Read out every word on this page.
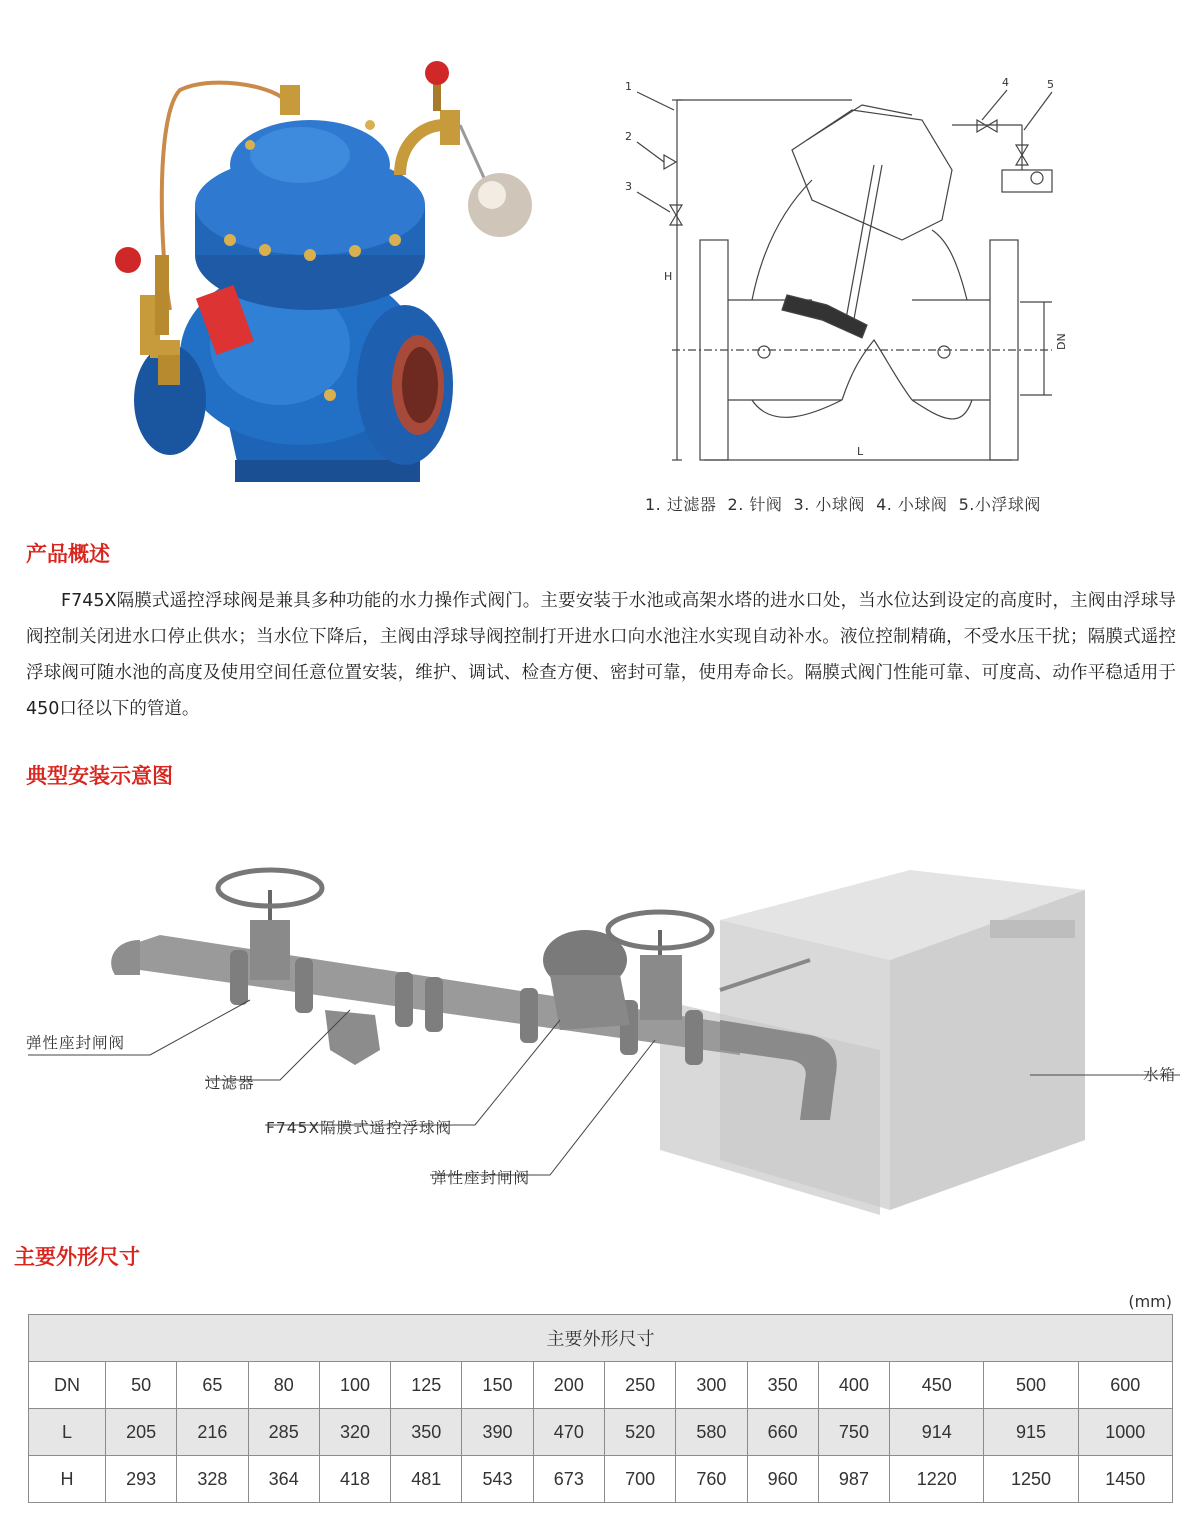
1
2
3
4	5
H
L
DN
1. 过滤器  2. 针阀  3. 小球阀  4. 小球阀  5.小浮球阀
产品概述

F745X隔膜式遥控浮球阀是兼具多种功能的水力操作式阀门。主要安装于水池或高架水塔的进水口处，当水位达到设定的高度时，主阀由浮球导阀控制关闭进水口停止供水；当水位下降后，主阀由浮球导阀控制打开进水口向水池注水实现自动补水。液位控制精确，不受水压干扰；隔膜式遥控浮球阀可随水池的高度及使用空间任意位置安装，维护、调试、检查方便、密封可靠，使用寿命长。隔膜式阀门性能可靠、可度高、动作平稳适用于450口径以下的管道。

典型安装示意图
弹性座封闸阀
过滤器
F745X隔膜式遥控浮球阀
弹性座封闸阀
水箱
主要外形尺寸
(mm)
主要外形尺寸														
DN	50	65	80	100	125	150	200	250	300	350	400	450	500	600
L	205	216	285	320	350	390	470	520	580	660	750	914	915	1000
H	293	328	364	418	481	543	673	700	760	960	987	1220	1250	1450
